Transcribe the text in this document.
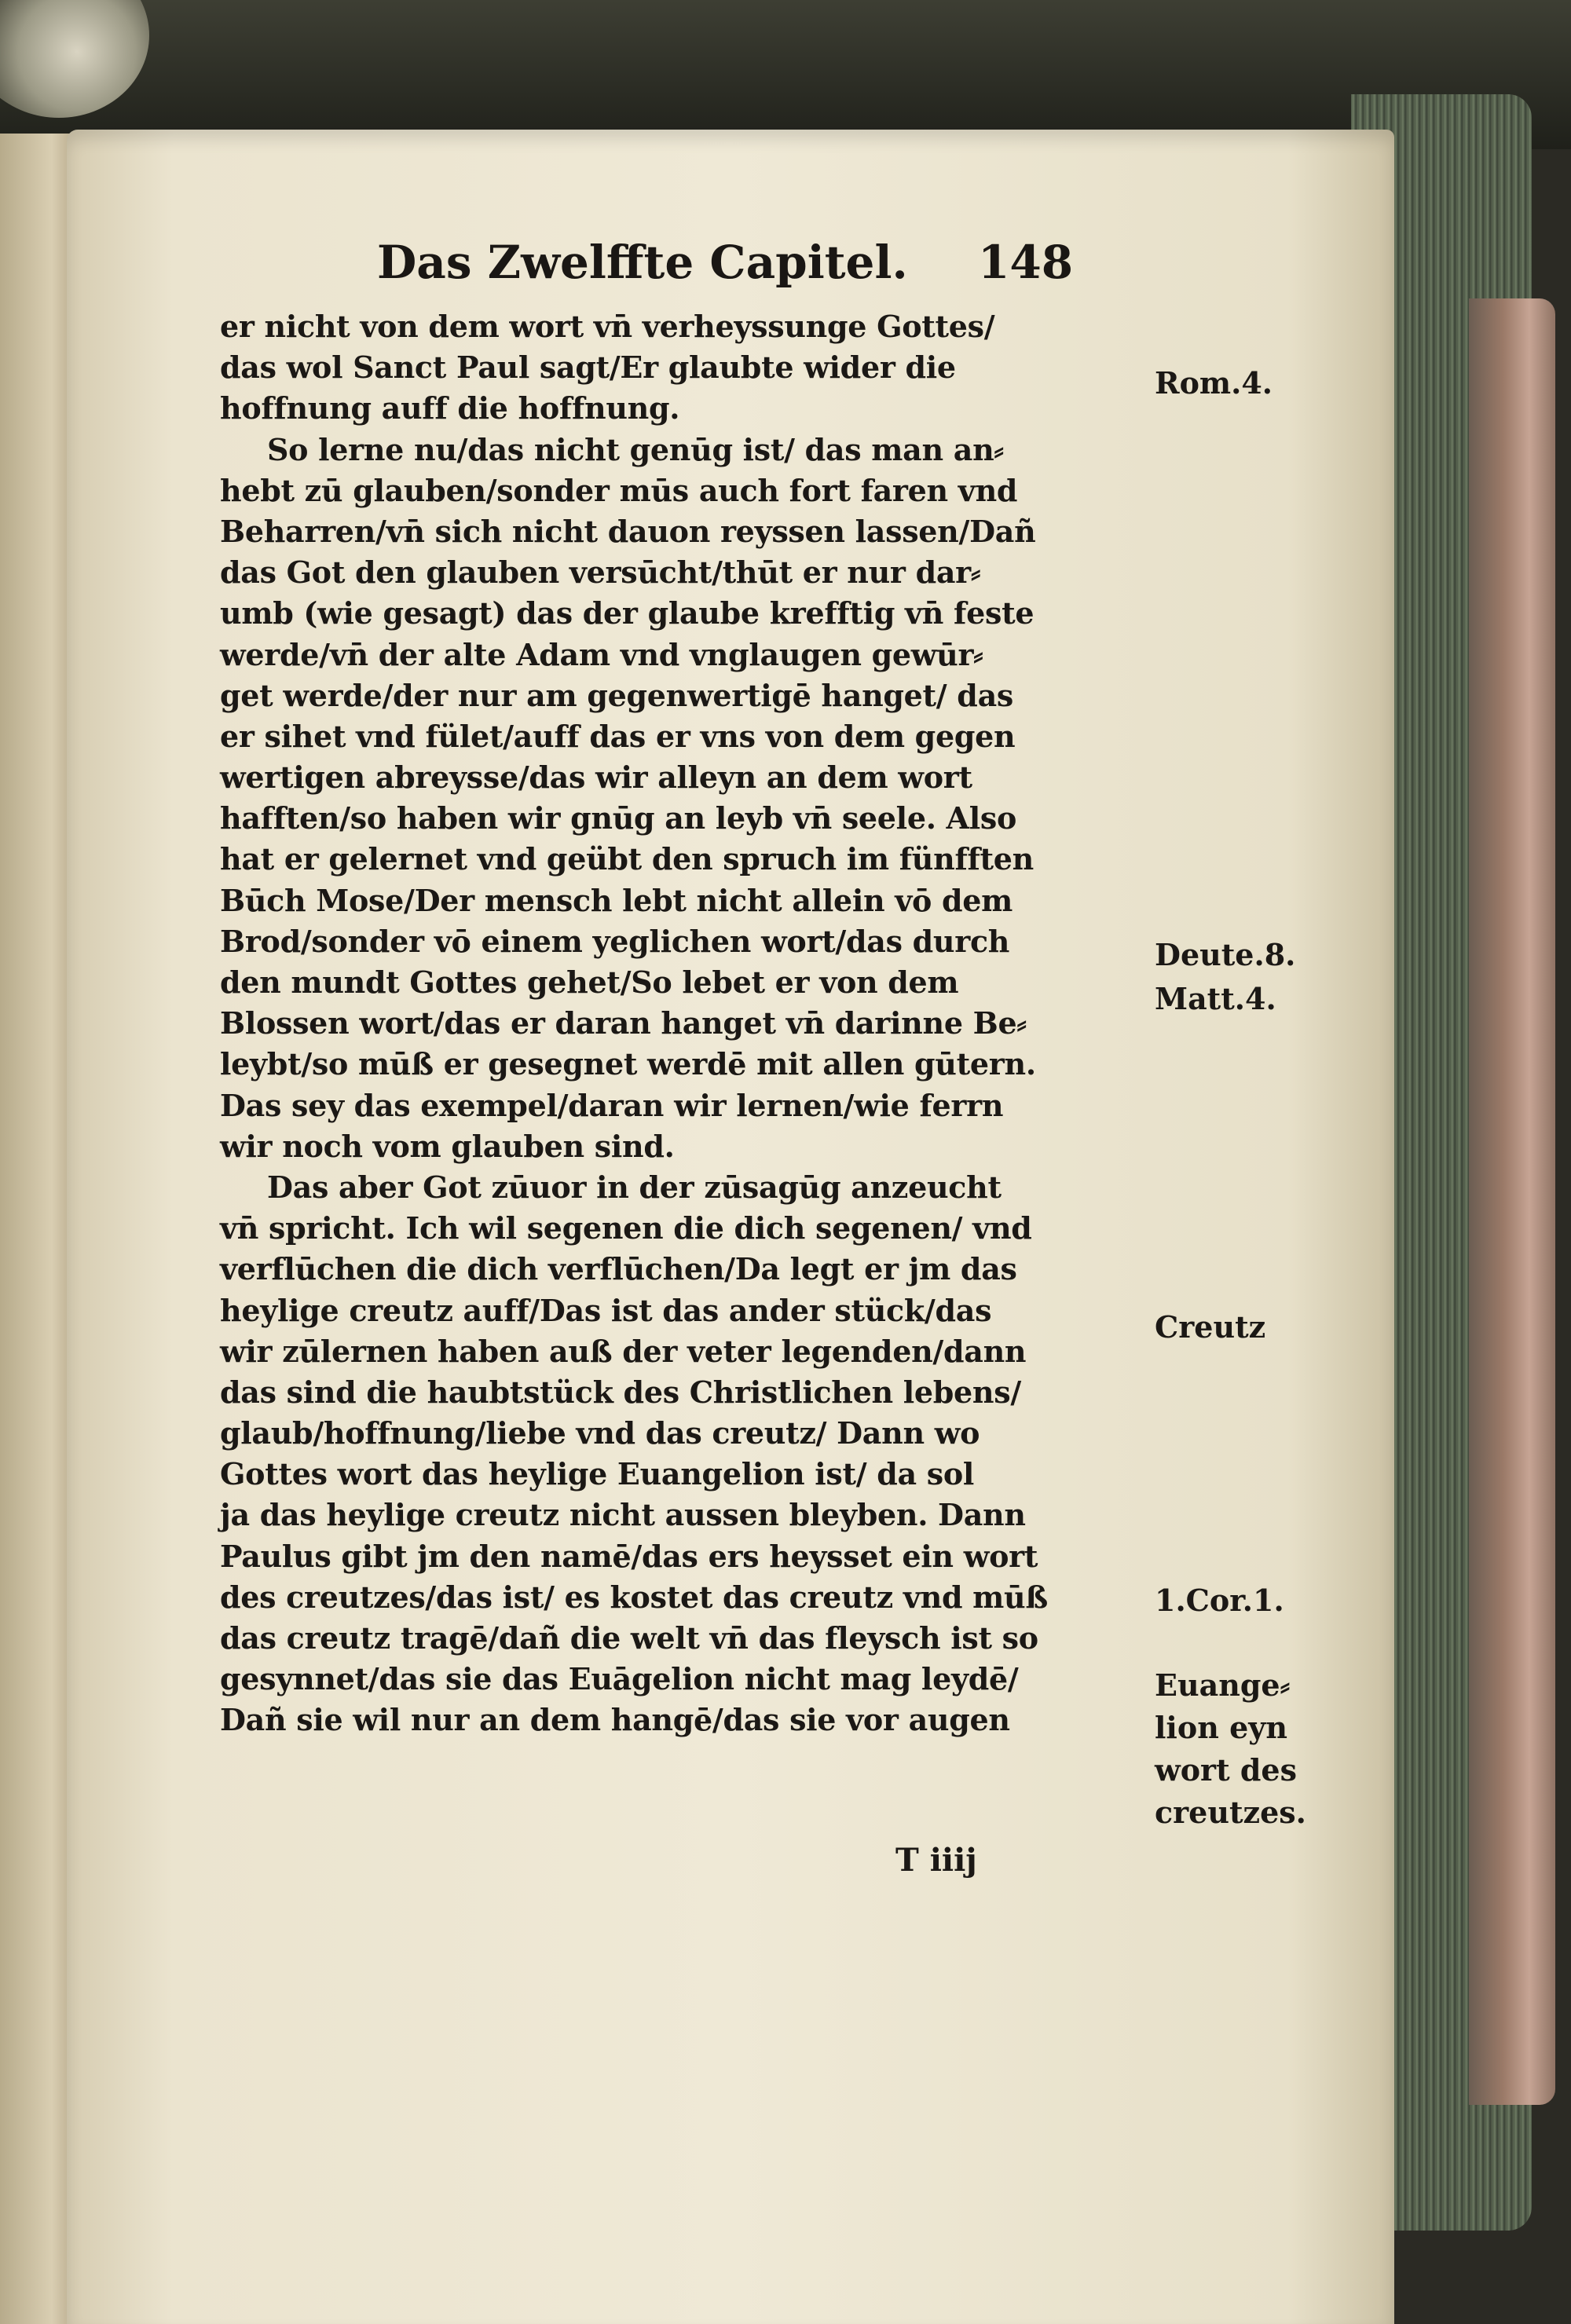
Das Zwelffte Capitel. 148
er nicht von dem wort vn̄ verheyssunge Gottes/
das wol Sanct Paul sagt/Er glaubte wider die
hoffnung auff die hoffnung.
So lerne nu/das nicht genūg ist/ das man an⸗
hebt zū glauben/sonder mūs auch fort faren vnd
Beharren/vn̄ sich nicht dauon reyssen lassen/Dañ
das Got den glauben versūcht/thūt er nur dar⸗
umb (wie gesagt) das der glaube krefftig vn̄ feste
werde/vn̄ der alte Adam vnd vnglaugen gewūr⸗
get werde/der nur am gegenwertigē hanget/ das
er sihet vnd fület/auff das er vns von dem gegen
wertigen abreysse/das wir alleyn an dem wort
hafften/so haben wir gnūg an leyb vn̄ seele. Also
hat er gelernet vnd geübt den spruch im fünfften
Būch Mose/Der mensch lebt nicht allein vō dem
Brod/sonder vō einem yeglichen wort/das durch
den mundt Gottes gehet/So lebet er von dem
Blossen wort/das er daran hanget vn̄ darinne Be⸗
leybt/so mūß er gesegnet werdē mit allen gūtern.
Das sey das exempel/daran wir lernen/wie ferrn
wir noch vom glauben sind.
Das aber Got zūuor in der zūsagūg anzeucht
vn̄ spricht. Ich wil segenen die dich segenen/ vnd
verflūchen die dich verflūchen/Da legt er jm das
heylige creutz auff/Das ist das ander stück/das
wir zūlernen haben auß der veter legenden/dann
das sind die haubtstück des Christlichen lebens/
glaub/hoffnung/liebe vnd das creutz/ Dann wo
Gottes wort das heylige Euangelion ist/ da sol
ja das heylige creutz nicht aussen bleyben. Dann
Paulus gibt jm den namē/das ers heysset ein wort
des creutzes/das ist/ es kostet das creutz vnd mūß
das creutz tragē/dañ die welt vn̄ das fleysch ist so
gesynnet/das sie das Euāgelion nicht mag leydē/
Dañ sie wil nur an dem hangē/das sie vor augen
T iiij
Rom.4.
Deute.8.
Matt.4.
Creutz
1.Cor.1.
Euange⸗
lion eyn
wort des
creutzes.
